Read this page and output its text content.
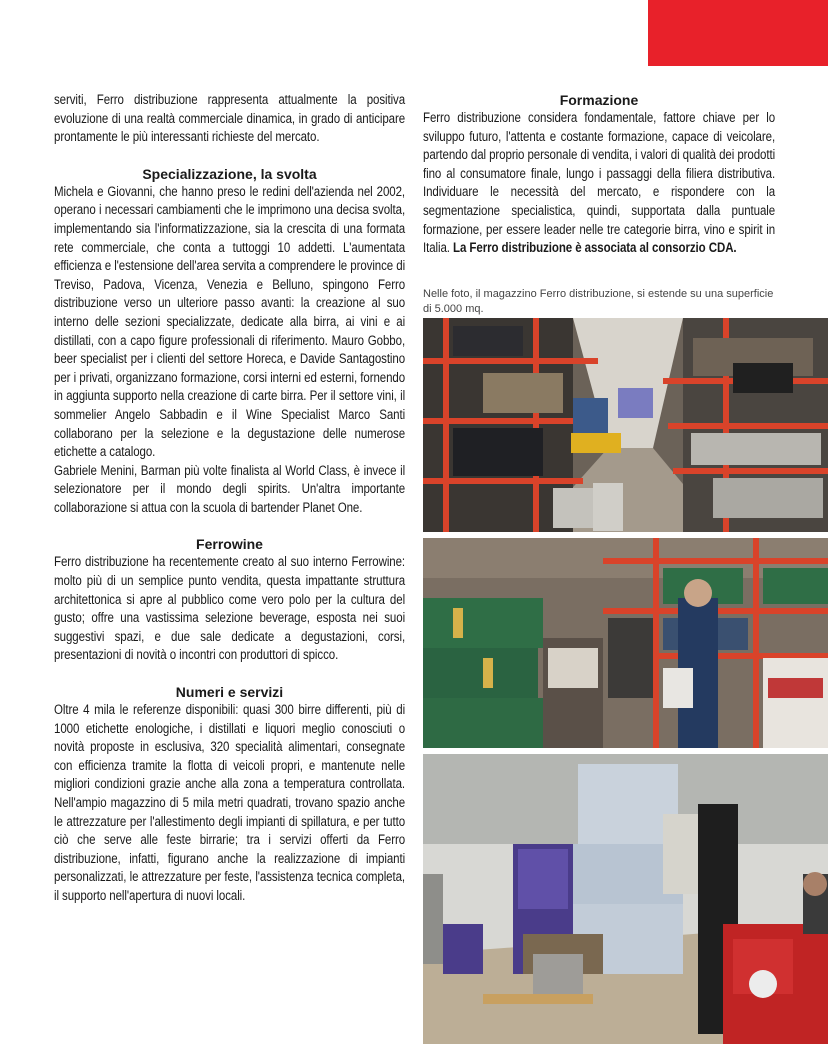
serviti, Ferro distribuzione rappresenta attualmente la positiva evoluzione di una realtà commerciale dinamica, in grado di anticipare prontamente le più interessanti richieste del mercato.

Specializzazione, la svolta

Michela e Giovanni, che hanno preso le redini dell'azienda nel 2002, operano i necessari cambiamenti che le imprimono una decisa svolta, implementando sia l'informatizzazione, sia la crescita di una formata rete commerciale, che conta a tuttoggi 10 addetti. L'aumentata efficienza e l'estensione dell'area servita a comprendere le province di Treviso, Padova, Vicenza, Venezia e Belluno, spingono Ferro distribuzione verso un ulteriore passo avanti: la creazione al suo interno delle sezioni specializzate, dedicate alla birra, ai vini e ai distillati, con a capo figure professionali di riferimento. Mauro Gobbo, beer specialist per i clienti del settore Horeca, e Davide Santagostino per i privati, organizzano formazione, corsi interni ed esterni, fornendo in aggiunta supporto nella creazione di carte birra. Per il settore vini, il sommelier Angelo Sabbadin e il Wine Specialist Marco Santi collaborano per la selezione e la degustazione delle numerose etichette a catalogo.

Gabriele Menini, Barman più volte finalista al World Class, è invece il selezionatore per il mondo degli spirits. Un'altra importante collaborazione si attua con la scuola di bartender Planet One.

Ferrowine

Ferro distribuzione ha recentemente creato al suo interno Ferrowine: molto più di un semplice punto vendita, questa impattante struttura architettonica si apre al pubblico come vero polo per la cultura del gusto; offre una vastissima selezione beverage, esposta nei suoi suggestivi spazi, e due sale dedicate a degustazioni, corsi, presentazioni di novità o incontri con produttori di spicco.

Numeri e servizi

Oltre 4 mila le referenze disponibili: quasi 300 birre differenti, più di 1000 etichette enologiche, i distillati e liquori meglio conosciuti o novità proposte in esclusiva, 320 specialità alimentari, consegnate con efficienza tramite la flotta di veicoli propri, e mantenute nelle migliori condizioni grazie anche alla zona a temperatura controllata. Nell'ampio magazzino di 5 mila metri quadrati, trovano spazio anche le attrezzature per l'allestimento degli impianti di spillatura, e per tutto ciò che serve alle feste birrarie; tra i servizi offerti da Ferro distribuzione, infatti, figurano anche la realizzazione di impianti personalizzati, le attrezzature per feste, l'assistenza tecnica completa, il supporto nell'apertura di nuovi locali.

Formazione

Ferro distribuzione considera fondamentale, fattore chiave per lo sviluppo futuro, l'attenta e costante formazione, capace di veicolare, partendo dal proprio personale di vendita, i valori di qualità dei prodotti fino al consumatore finale, lungo i passaggi della filiera distributiva. Individuare le necessità del mercato, e rispondere con la segmentazione specialistica, quindi, supportata dalla puntuale formazione, per essere leader nelle tre categorie birra, vino e spirit in Italia. La Ferro distribuzione è associata al consorzio CDA.

Nelle foto, il magazzino Ferro distribuzione, si estende su una superficie di 5.000 mq.
